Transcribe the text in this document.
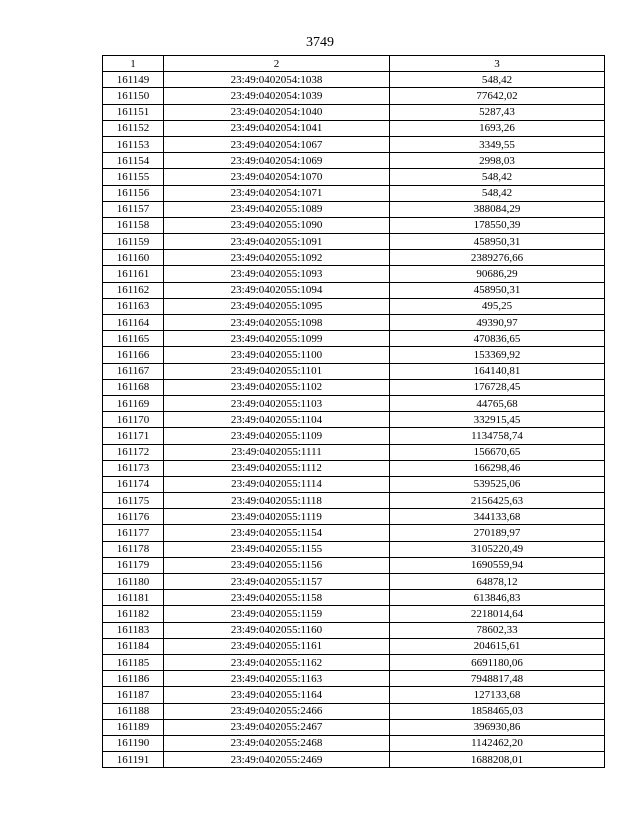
3749
1	2	3
161149	23:49:0402054:1038	548,42
161150	23:49:0402054:1039	77642,02
161151	23:49:0402054:1040	5287,43
161152	23:49:0402054:1041	1693,26
161153	23:49:0402054:1067	3349,55
161154	23:49:0402054:1069	2998,03
161155	23:49:0402054:1070	548,42
161156	23:49:0402054:1071	548,42
161157	23:49:0402055:1089	388084,29
161158	23:49:0402055:1090	178550,39
161159	23:49:0402055:1091	458950,31
161160	23:49:0402055:1092	2389276,66
161161	23:49:0402055:1093	90686,29
161162	23:49:0402055:1094	458950,31
161163	23:49:0402055:1095	495,25
161164	23:49:0402055:1098	49390,97
161165	23:49:0402055:1099	470836,65
161166	23:49:0402055:1100	153369,92
161167	23:49:0402055:1101	164140,81
161168	23:49:0402055:1102	176728,45
161169	23:49:0402055:1103	44765,68
161170	23:49:0402055:1104	332915,45
161171	23:49:0402055:1109	1134758,74
161172	23:49:0402055:1111	156670,65
161173	23:49:0402055:1112	166298,46
161174	23:49:0402055:1114	539525,06
161175	23:49:0402055:1118	2156425,63
161176	23:49:0402055:1119	344133,68
161177	23:49:0402055:1154	270189,97
161178	23:49:0402055:1155	3105220,49
161179	23:49:0402055:1156	1690559,94
161180	23:49:0402055:1157	64878,12
161181	23:49:0402055:1158	613846,83
161182	23:49:0402055:1159	2218014,64
161183	23:49:0402055:1160	78602,33
161184	23:49:0402055:1161	204615,61
161185	23:49:0402055:1162	6691180,06
161186	23:49:0402055:1163	7948817,48
161187	23:49:0402055:1164	127133,68
161188	23:49:0402055:2466	1858465,03
161189	23:49:0402055:2467	396930,86
161190	23:49:0402055:2468	1142462,20
161191	23:49:0402055:2469	1688208,01
